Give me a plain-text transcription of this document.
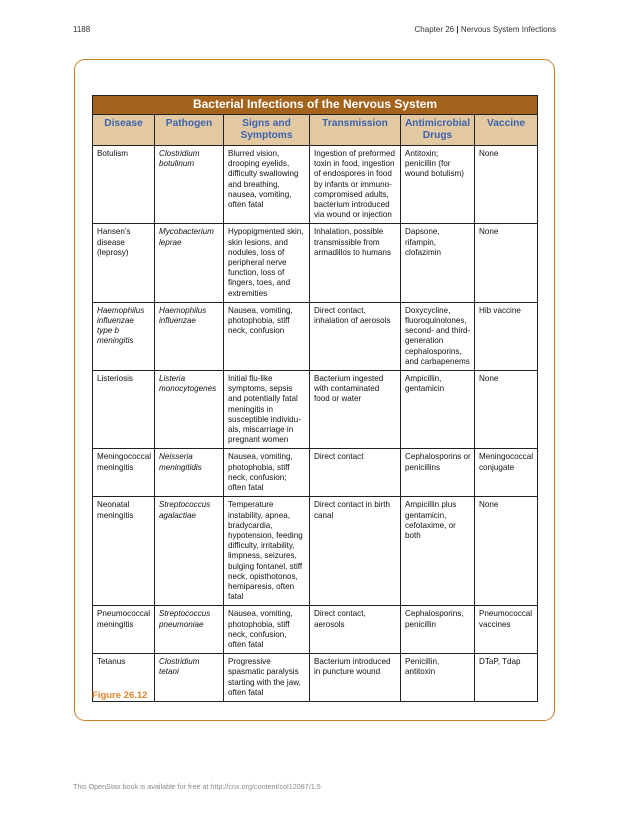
1188	Chapter 26 | Nervous System Infections
Bacterial Infections of the Nervous System					
Disease	Pathogen	Signs and Symptoms	Transmission	Antimicrobial Drugs	Vaccine
Botulism	Clostridium botulinum	Blurred vision, drooping eyelids, difficulty swallowing and breathing, nausea, vomiting, often fatal	Ingestion of preformed toxin in food, ingestion of endospores in food by infants or immuno-compromised adults, bacterium introduced via wound or injection	Antitoxin; penicillin (for wound botulism)	None
Hansen’s disease (leprosy)	Mycobacterium leprae	Hypopigmented skin, skin lesions, and nodules, loss of peripheral nerve function, loss of fingers, toes, and extremities	Inhalation, possible transmissible from armadillos to humans	Dapsone, rifampin, clofazimin	None
Haemophilus influenzae type b meningitis	Haemophilus influenzae	Nausea, vomiting, photophobia, stiff neck, confusion	Direct contact, inhalation of aerosols	Doxycycline, fluoroquinolones, second- and third-generation cephalosporins, and carbapenems	Hib vaccine
Listeriosis	Listeria monocytogenes	Initial flu-like symptoms, sepsis and potentially fatal meningitis in susceptible individu-als, miscarriage in pregnant women	Bacterium ingested with contaminated food or water	Ampicillin, gentamicin	None
Meningococcal meningitis	Neisseria meningitidis	Nausea, vomiting, photophobia, stiff neck, confusion; often fatal	Direct contact	Cephalosporins or penicillins	Meningococcal conjugate
Neonatal meningitis	Streptococcus agalactiae	Temperature instability, apnea, bradycardia, hypotension, feeding difficulty, irritability, limpness, seizures, bulging fontanel, stiff neck, opisthotonos, hemiparesis, often fatal	Direct contact in birth canal	Ampicillin plus gentamicin, cefotaxime, or both	None
Pneumococcal meningitis	Streptococcus pneumoniae	Nausea, vomiting, photophobia, stiff neck, confusion, often fatal	Direct contact, aerosols	Cephalosporins, penicillin	Pneumococcal vaccines
Tetanus	Clostridium tetani	Progressive spasmatic paralysis starting with the jaw, often fatal	Bacterium introduced in puncture wound	Penicillin, antitoxin	DTaP, Tdap
Figure 26.12
This OpenStax book is available for free at http://cnx.org/content/col12087/1.5
